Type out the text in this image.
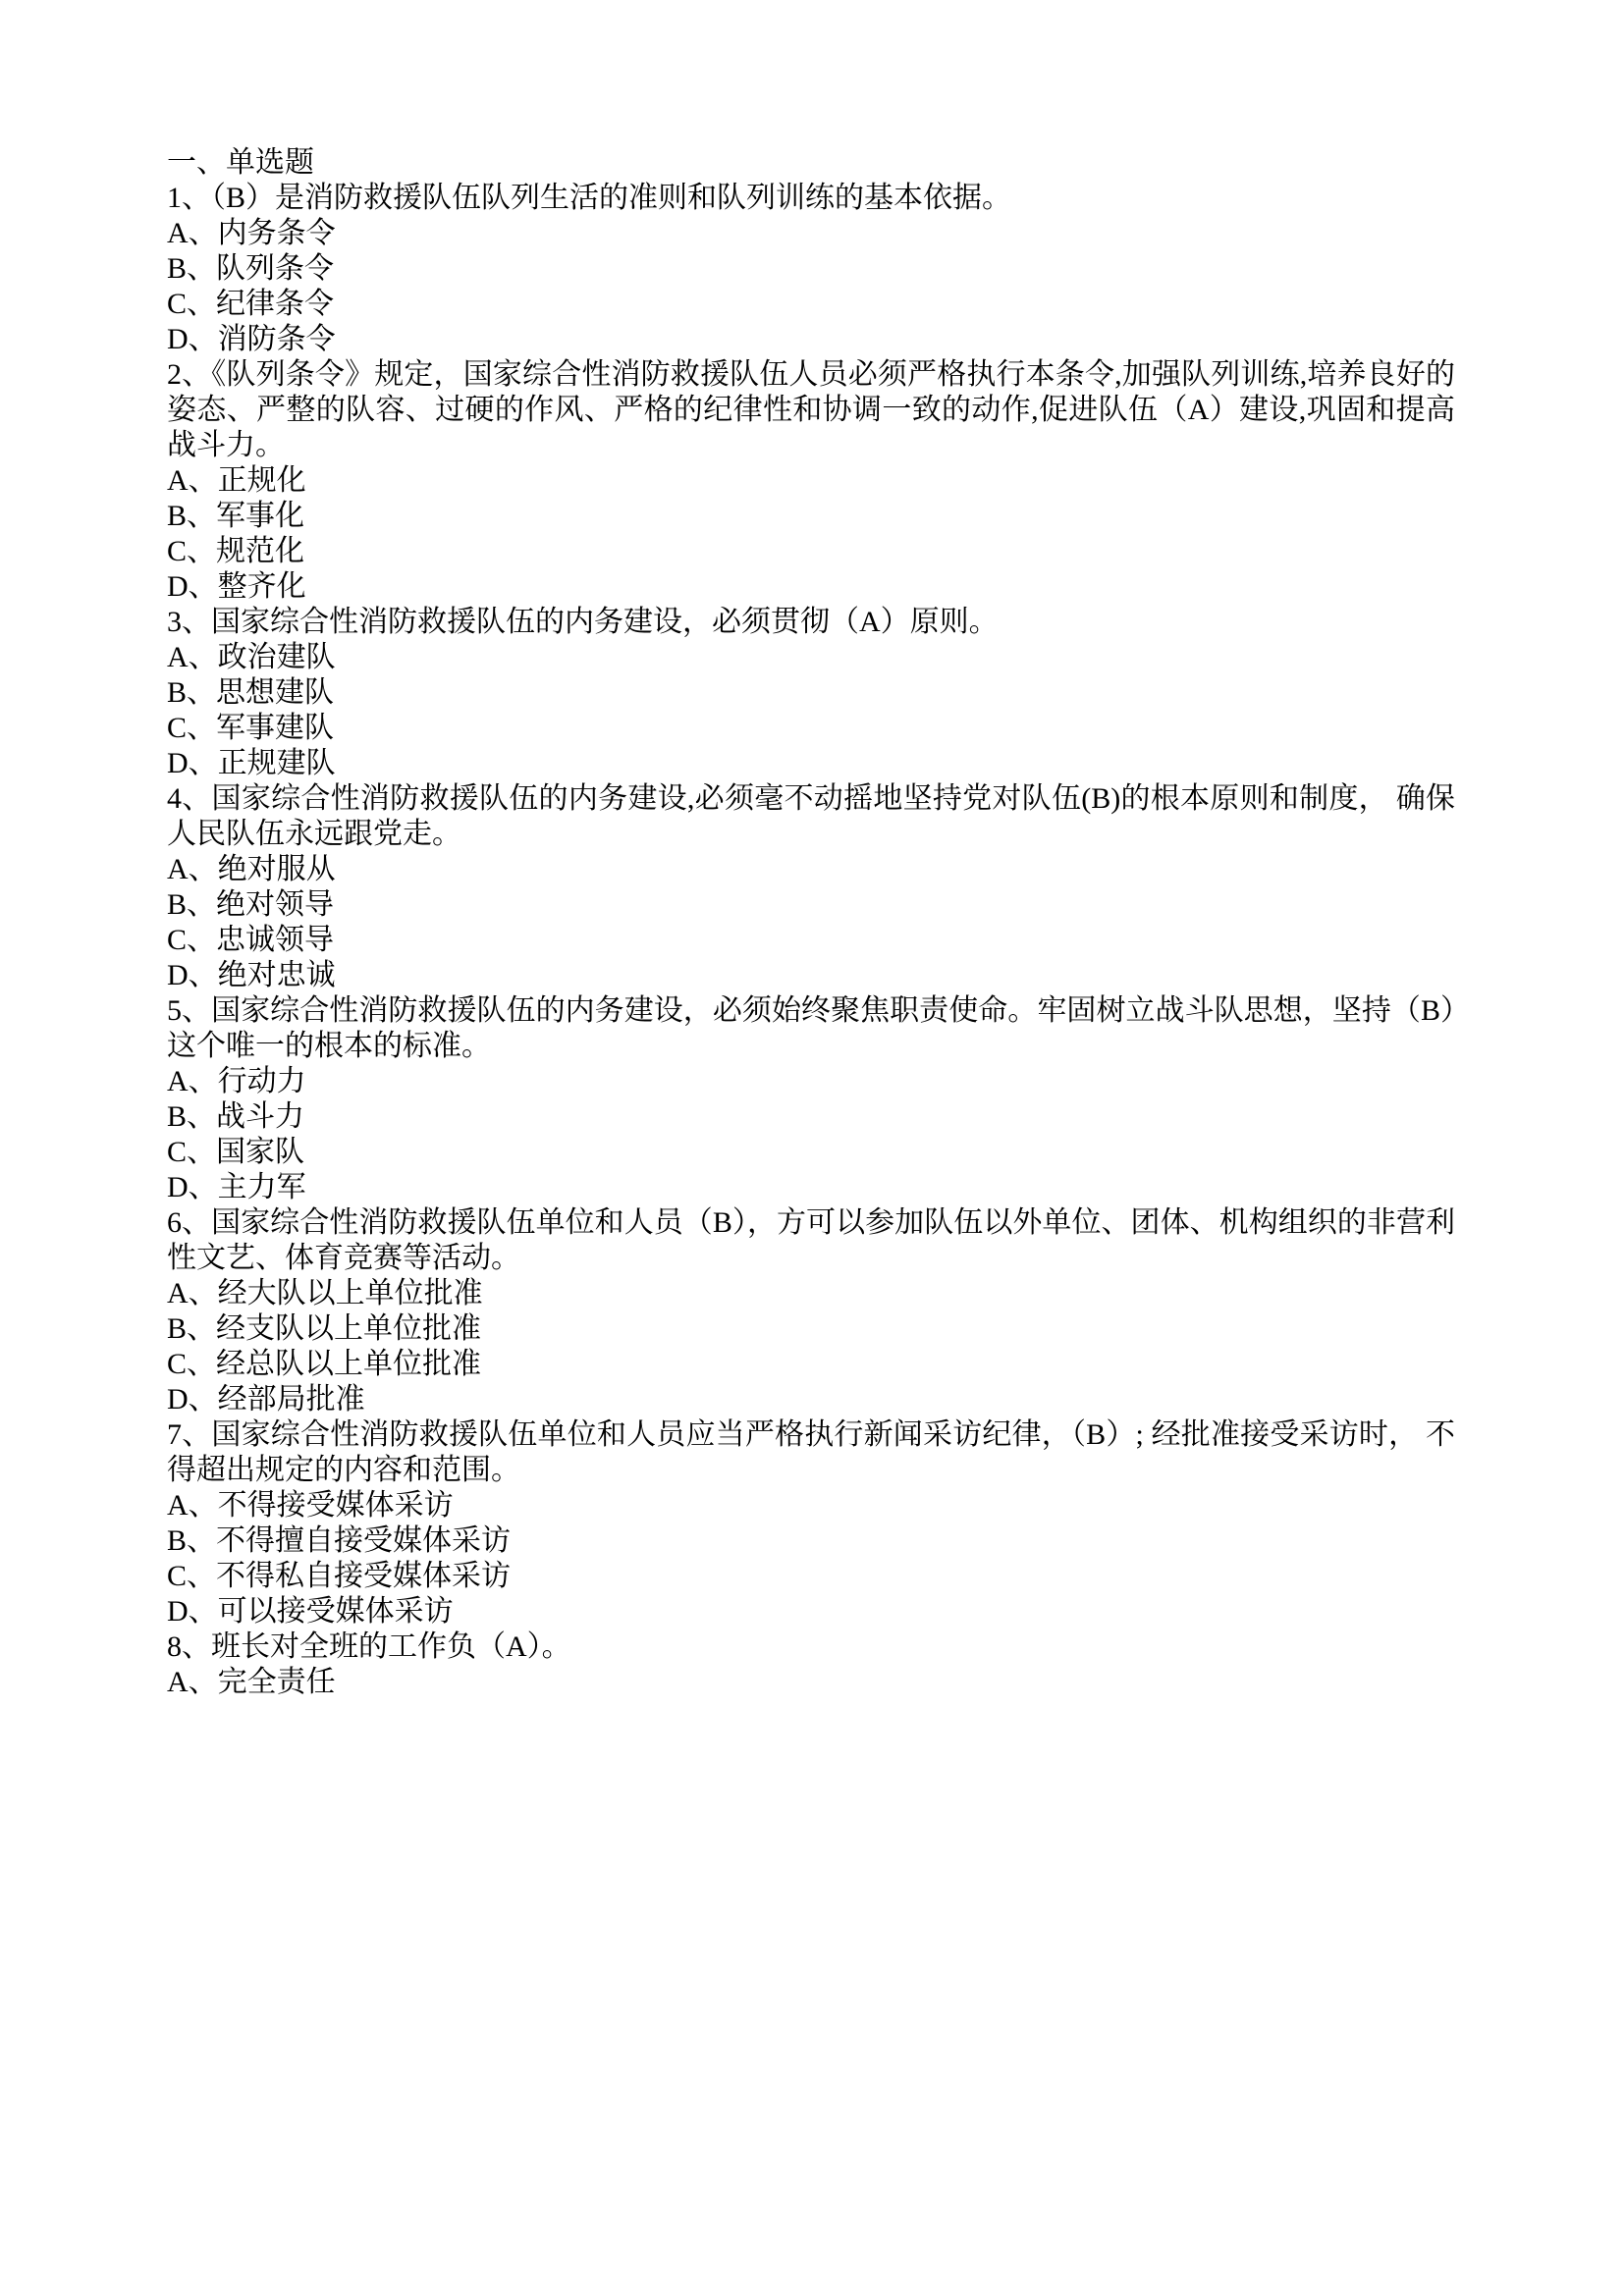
一、单选题

1、（B）是消防救援队伍队列生活的准则和队列训练的基本依据。

A、内务条令
B、队列条令
C、纪律条令
D、消防条令

2、《队列条令》规定，国家综合性消防救援队伍人员必须严格执行本条令,加强队列训练,培养良好的姿态、严整的队容、过硬的作风、严格的纪律性和协调一致的动作,促进队伍（A）建设,巩固和提高战斗力。

A、正规化
B、军事化
C、规范化
D、整齐化

3、国家综合性消防救援队伍的内务建设，必须贯彻（A）原则。

A、政治建队
B、思想建队
C、军事建队
D、正规建队

4、国家综合性消防救援队伍的内务建设,必须毫不动摇地坚持党对队伍(B)的根本原则和制度， 确保人民队伍永远跟党走。

A、绝对服从
B、绝对领导
C、忠诚领导
D、绝对忠诚

5、国家综合性消防救援队伍的内务建设，必须始终聚焦职责使命。牢固树立战斗队思想，坚持（B）这个唯一的根本的标准。

A、行动力
B、战斗力
C、国家队
D、主力军

6、国家综合性消防救援队伍单位和人员（B），方可以参加队伍以外单位、团体、机构组织的非营利性文艺、体育竞赛等活动。

A、经大队以上单位批准
B、经支队以上单位批准
C、经总队以上单位批准
D、经部局批准

7、国家综合性消防救援队伍单位和人员应当严格执行新闻采访纪律，（B）; 经批准接受采访时， 不得超出规定的内容和范围。

A、不得接受媒体采访
B、不得擅自接受媒体采访
C、不得私自接受媒体采访
D、可以接受媒体采访

8、班长对全班的工作负（A）。

A、完全责任
